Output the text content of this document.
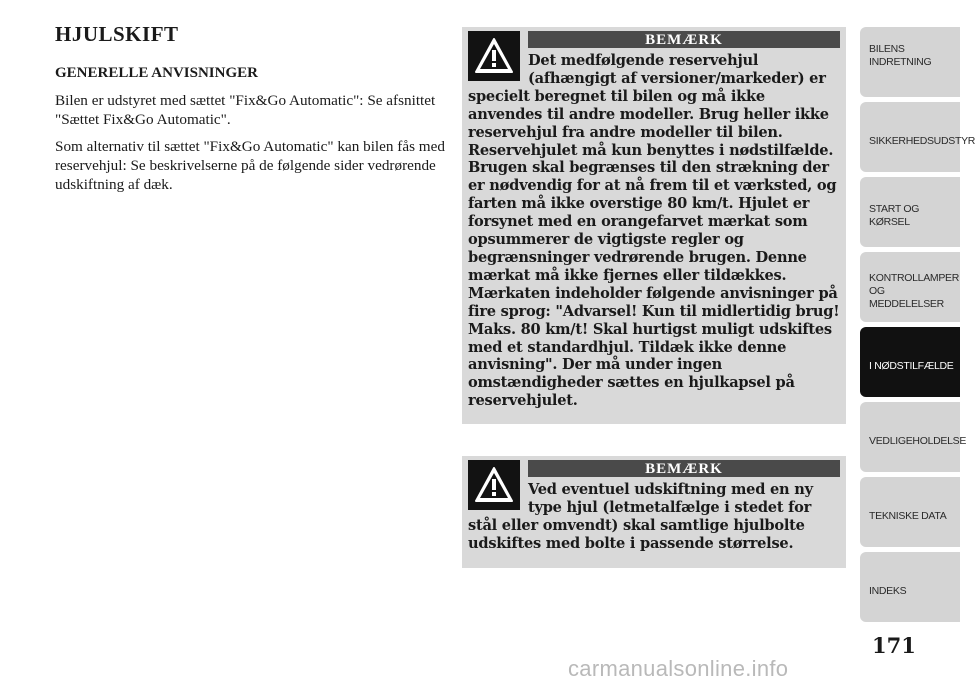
HJULSKIFT
GENERELLE ANVISNINGER

Bilen er udstyret med sættet "Fix&Go Automatic": Se afsnittet "Sættet Fix&Go Automatic".

Som alternativ til sættet "Fix&Go Automatic" kan bilen fås med reservehjul: Se beskrivelserne på de følgende sider vedrørende udskiftning af dæk.

BEMÆRK

Det medfølgende reservehjul (afhængigt af versioner/markeder) er specielt beregnet til bilen og må ikke anvendes til andre modeller. Brug heller ikke reservehjul fra andre modeller til bilen. Reservehjulet må kun benyttes i nødstilfælde. Brugen skal begrænses til den strækning der er nødvendig for at nå frem til et værksted, og farten må ikke overstige 80 km/t. Hjulet er forsynet med en orangefarvet mærkat som opsummerer de vigtigste regler og begrænsninger vedrørende brugen. Denne mærkat må ikke fjernes eller tildækkes. Mærkaten indeholder følgende anvisninger på fire sprog: "Advarsel! Kun til midlertidig brug! Maks. 80 km/t! Skal hurtigst muligt udskiftes med et standardhjul. Tildæk ikke denne anvisning". Der må under ingen omstændigheder sættes en hjulkapsel på reservehjulet.

BEMÆRK

Ved eventuel udskiftning med en ny type hjul (letmetalfælge i stedet for stål eller omvendt) skal samtlige hjulbolte udskiftes med bolte i passende størrelse.

BILENS INDRETNING
SIKKERHEDSUDSTYR
START OG KØRSEL
KONTROLLAMPER OG MEDDELELSER
I NØDSTILFÆLDE
VEDLIGEHOLDELSE
TEKNISKE DATA
INDEKS
171
carmanualsonline.info
